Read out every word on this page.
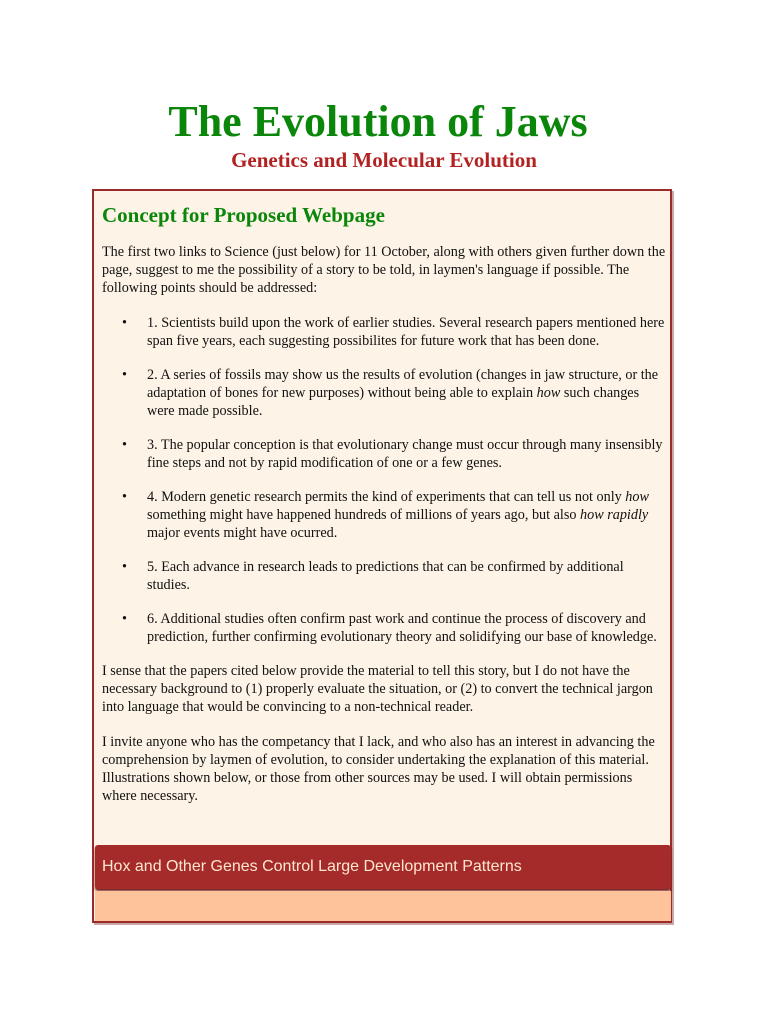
The Evolution of Jaws
Genetics and Molecular Evolution
Concept for Proposed Webpage

The first two links to Science (just below) for 11 October, along with others given further down the page, suggest to me the possibility of a story to be told, in laymen's language if possible. The following points should be addressed:

• 1. Scientists build upon the work of earlier studies. Several research papers mentioned here span five years, each suggesting possibilites for future work that has been done.
• 2. A series of fossils may show us the results of evolution (changes in jaw structure, or the adaptation of bones for new purposes) without being able to explain how such changes were made possible.
• 3. The popular conception is that evolutionary change must occur through many insensibly fine steps and not by rapid modification of one or a few genes.
• 4. Modern genetic research permits the kind of experiments that can tell us not only how something might have happened hundreds of millions of years ago, but also how rapidly major events might have ocurred.
• 5. Each advance in research leads to predictions that can be confirmed by additional studies.
• 6. Additional studies often confirm past work and continue the process of discovery and prediction, further confirming evolutionary theory and solidifying our base of knowledge.

I sense that the papers cited below provide the material to tell this story, but I do not have the necessary background to (1) properly evaluate the situation, or (2) to convert the technical jargon into language that would be convincing to a non-technical reader.

I invite anyone who has the competancy that I lack, and who also has an interest in advancing the comprehension by laymen of evolution, to consider undertaking the explanation of this material. Illustrations shown below, or those from other sources may be used. I will obtain permissions where necessary.

Hox and Other Genes Control Large Development Patterns
